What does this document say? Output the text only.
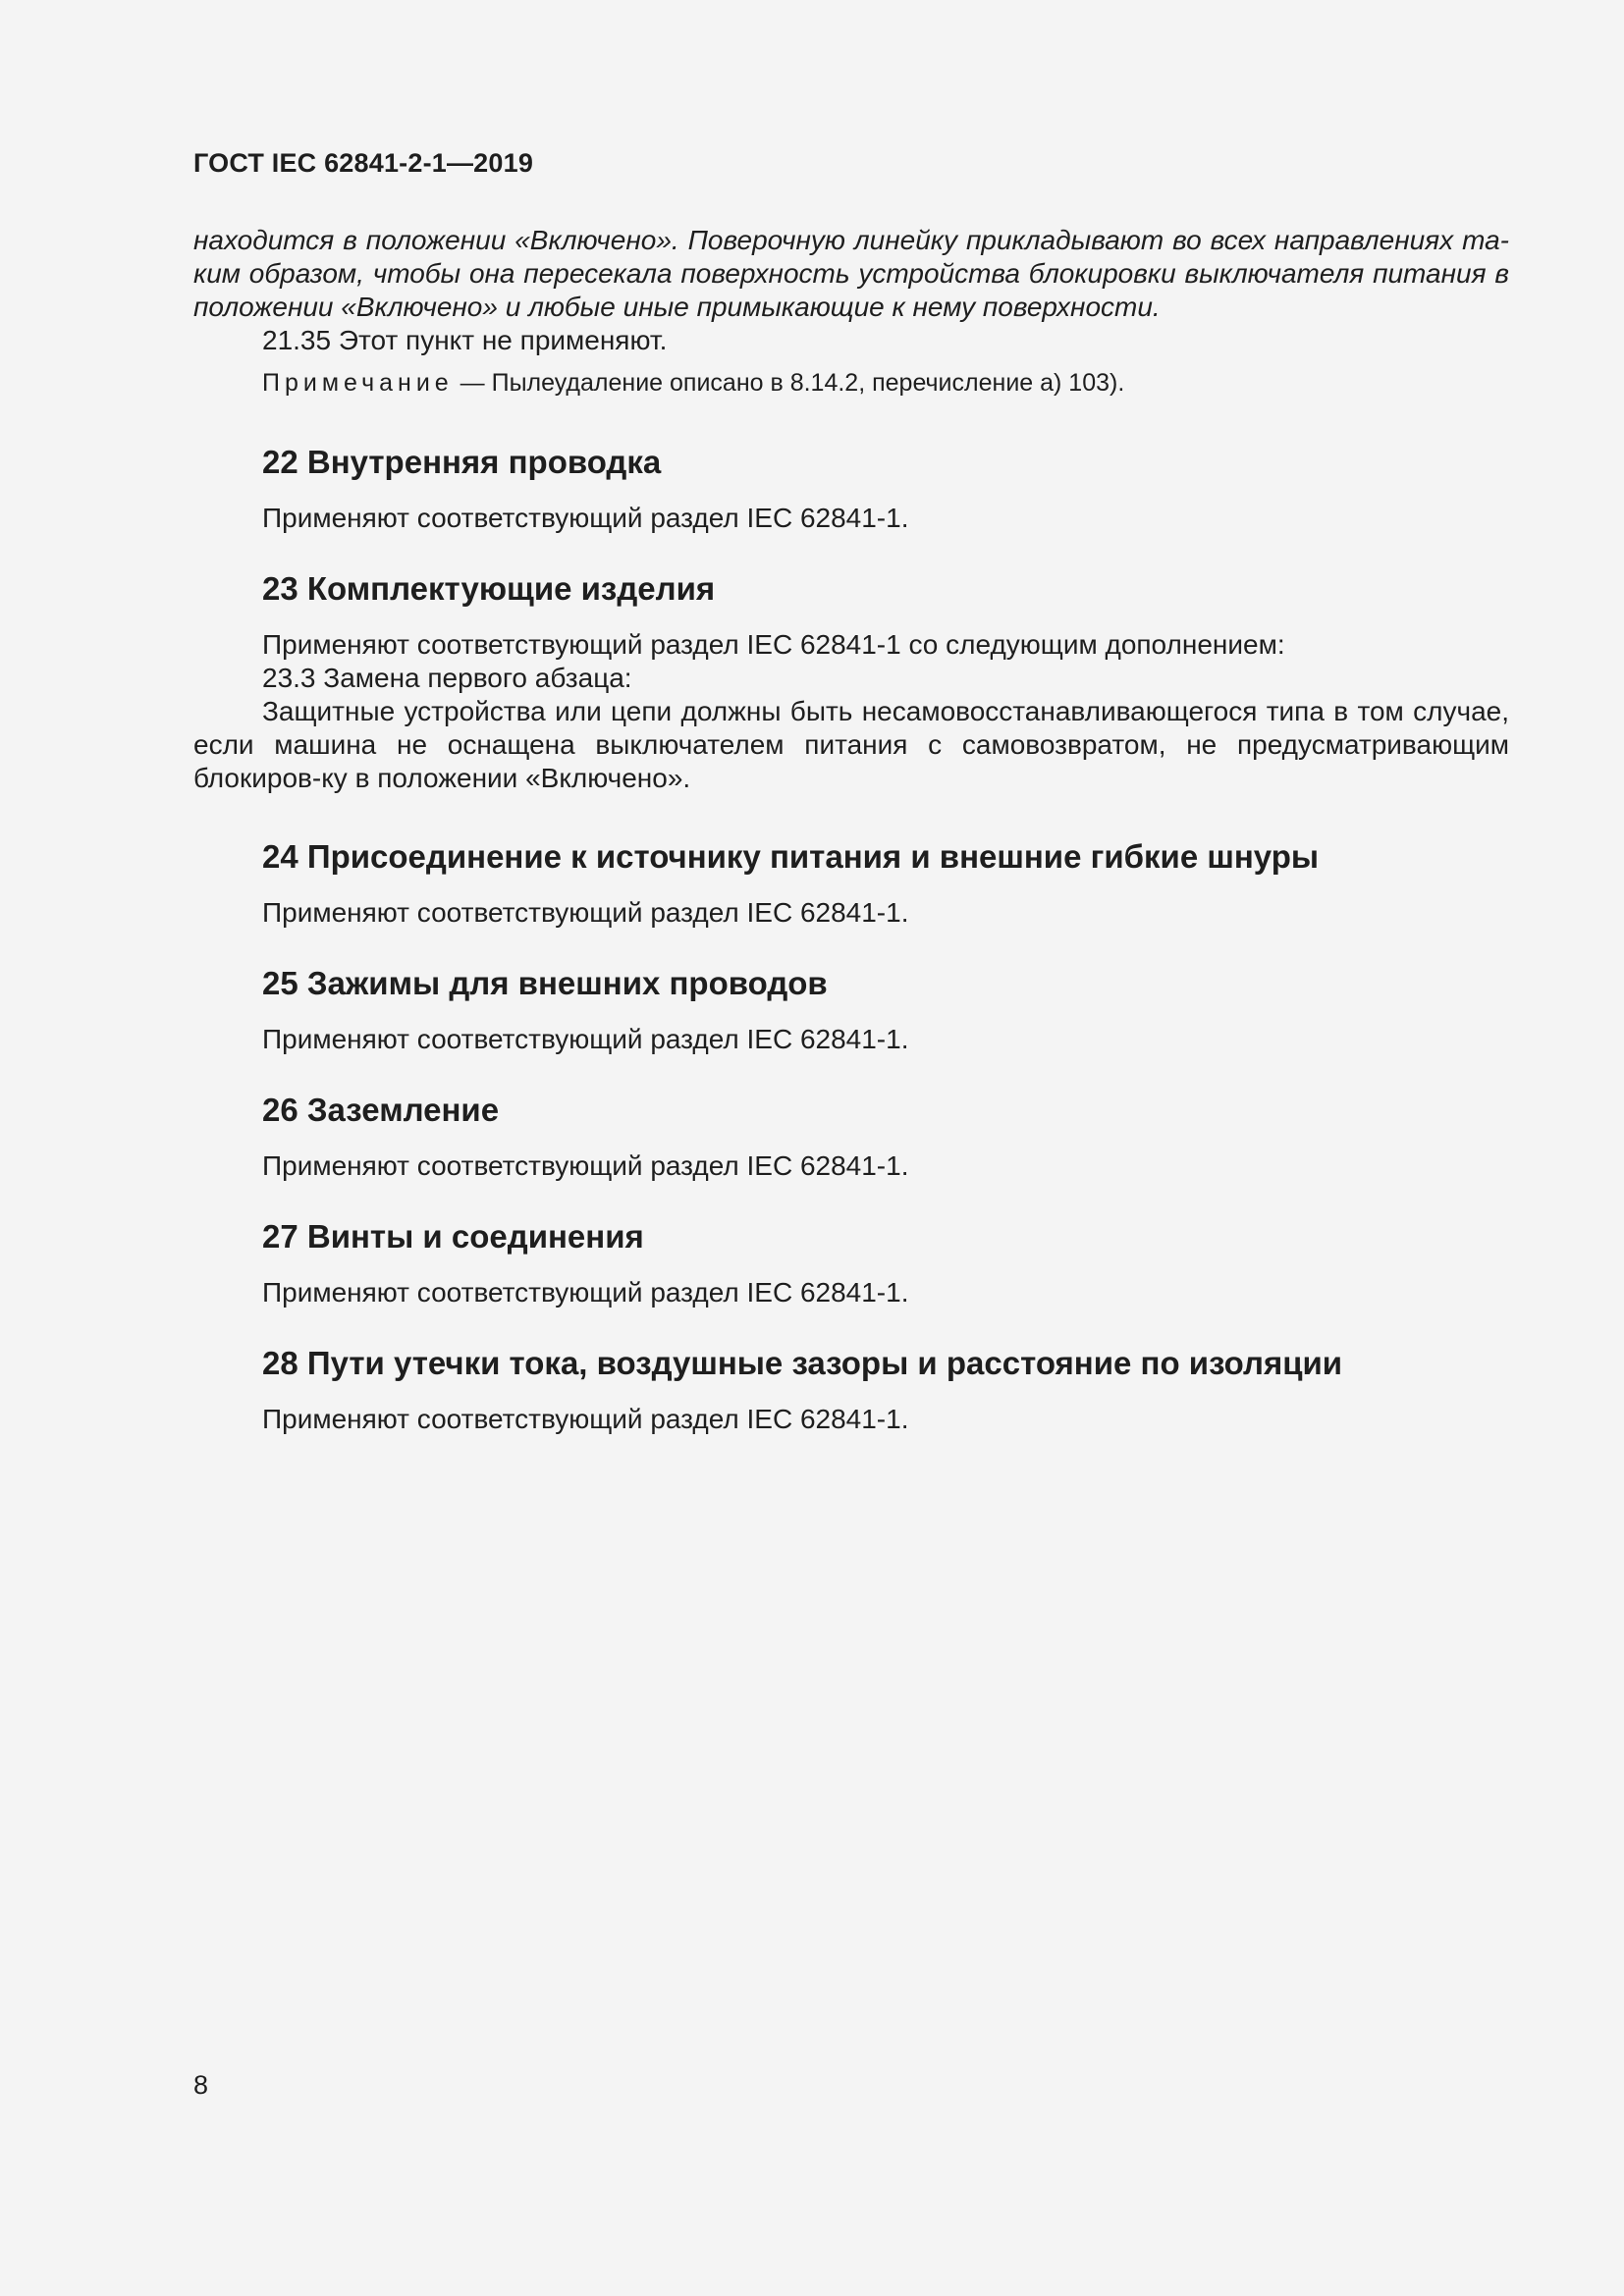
ГОСТ IEC 62841-2-1—2019

находится в положении «Включено». Поверочную линейку прикладывают во всех направлениях та-ким образом, чтобы она пересекала поверхность устройства блокировки выключателя питания в положении «Включено» и любые иные примыкающие к нему поверхности.

21.35 Этот пункт не применяют.

Примечание — Пылеудаление описано в 8.14.2, перечисление a) 103).

22 Внутренняя проводка

Применяют соответствующий раздел IEC 62841-1.

23 Комплектующие изделия

Применяют соответствующий раздел IEC 62841-1 со следующим дополнением:

23.3 Замена первого абзаца:

Защитные устройства или цепи должны быть несамовосстанавливающегося типа в том случае, если машина не оснащена выключателем питания с самовозвратом, не предусматривающим блокиров-ку в положении «Включено».

24 Присоединение к источнику питания и внешние гибкие шнуры

Применяют соответствующий раздел IEC 62841-1.

25 Зажимы для внешних проводов

Применяют соответствующий раздел IEC 62841-1.

26 Заземление

Применяют соответствующий раздел IEC 62841-1.

27 Винты и соединения

Применяют соответствующий раздел IEC 62841-1.

28 Пути утечки тока, воздушные зазоры и расстояние по изоляции

Применяют соответствующий раздел IEC 62841-1.

8
